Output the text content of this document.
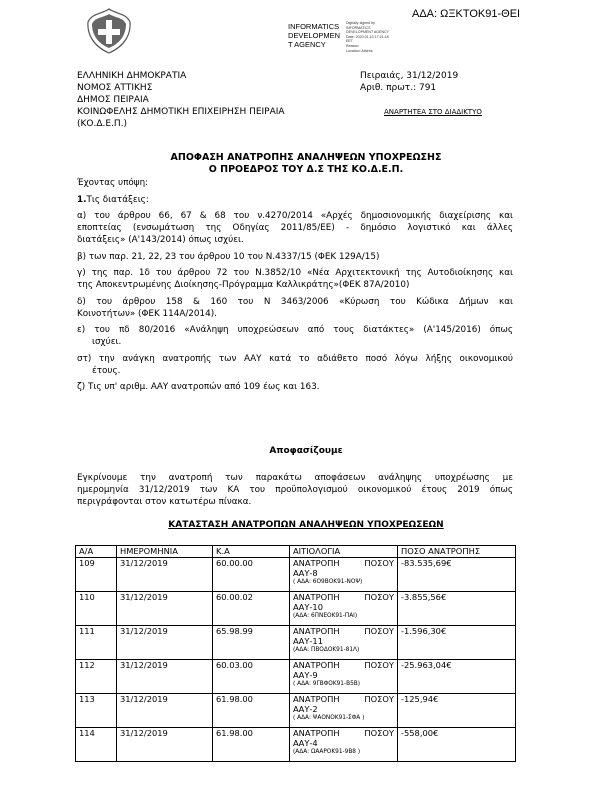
ΑΔΑ: ΩΞΚΤΟΚ91-ΘΕΙ
INFORMATICS
DEVELOPMEN
T AGENCY
Digitally signed by
INFORMATICS
DEVELOPMENT AGENCY
Date: 2020.01.13 17:21:18
EET
Reason:
Location: Athens
ΕΛΛΗΝΙΚΗ ΔΗΜΟΚΡΑΤΙΑ
ΝΟΜΟΣ ΑΤΤΙΚΗΣ
ΔΗΜΟΣ ΠΕΙΡΑΙΑ
ΚΟΙΝΩΦΕΛΗΣ ΔΗΜΟΤΙΚΗ ΕΠΙΧΕΙΡΗΣΗ ΠΕΙΡΑΙΑ
(ΚΟ.Δ.Ε.Π.)
Πειραιάς, 31/12/2019
Αριθ. πρωτ.: 791
ΑΝΑΡΤΗΤΕΑ ΣΤΟ ΔΙΑΔΙΚΤΥΟ
ΑΠΟΦΑΣΗ ΑΝΑΤΡΟΠΗΣ ΑΝΑΛΗΨΕΩΝ ΥΠΟΧΡΕΩΣΗΣ
Ο ΠΡΟΕΔΡΟΣ ΤΟΥ Δ.Σ ΤΗΣ ΚΟ.Δ.Ε.Π.

Έχοντας υπόψη:

1.Τις διατάξεις:

α) του άρθρου 66, 67 & 68 του ν.4270/2014 «Αρχές δημοσιονομικής διαχείρισης και

εποπτείας (ενσωμάτωση της Οδηγίας 2011/85/ΕΕ) - δημόσιο λογιστικό και άλλες

διατάξεις» (Α'143/2014) όπως ισχύει.

β) των παρ. 21, 22, 23 του άρθρου 10 του Ν.4337/15 (ΦΕΚ 129Α/15)

γ) της παρ. 1δ του άρθρου 72 του Ν.3852/10 «Νέα Αρχιτεκτονική της Αυτοδιοίκησης και

της Αποκεντρωμένης Διοίκησης-Πρόγραμμα Καλλικράτης»(ΦΕΚ 87Α/2010)

δ) του άρθρου 158 & 160 του Ν 3463/2006 «Κύρωση του Κώδικα Δήμων και

Κοινοτήτων» (ΦΕΚ 114Α/2014).

ε) του πδ 80/2016 «Ανάληψη υποχρεώσεων από τους διατάκτες» (Α'145/2016) όπως

ισχύει.

στ) την ανάγκη ανατροπής των ΑΑΥ κατά το αδιάθετο ποσό λόγω λήξης οικονομικού

έτους.

ζ) Τις υπ' αριθμ. ΑΑΥ ανατροπών από 109 έως και 163.

Αποφασίζουμε
Εγκρίνουμε την ανατροπή των παρακάτω αποφάσεων ανάληψης υποχρέωσης με
ημερομηνία 31/12/2019 των ΚΑ του προϋπολογισμού οικονομικού έτους 2019 όπως
περιγράφονται στον κατωτέρω πίνακα.
ΚΑΤΑΣΤΑΣΗ ΑΝΑΤΡΟΠΩΝ ΑΝΑΛΗΨΕΩΝ ΥΠΟΧΡΕΩΣΕΩΝ
Α/Α	ΗΜΕΡΟΜΗΝΙΑ	Κ.Α	ΑΙΤΙΟΛΟΓΙΑ	ΠΟΣΟ ΑΝΑΤΡΟΠΗΣ
109	31/12/2019	60.00.00	ΑΝΑΤΡΟΠΗ ΠΟΣΟΥ
ΑΑΥ-8
( ΑΔΑ: 6Ο9ΒΟΚ91-ΝΟΨ)	-83.535,69€
110	31/12/2019	60.00.02	ΑΝΑΤΡΟΠΗ ΠΟΣΟΥ
ΑΑΥ-10
(ΑΔΑ: 6ΠΝΕΟΚ91-ΠΑΙ)	-3.855,56€
111	31/12/2019	65.98.99	ΑΝΑΤΡΟΠΗ ΠΟΣΟΥ
ΑΑΥ-11
(ΑΔΑ: ΠΒΟΔΟΚ91-81Λ)	-1.596,30€
112	31/12/2019	60.03.00	ΑΝΑΤΡΟΠΗ ΠΟΣΟΥ
ΑΑΥ-9
( ΑΔΑ: 9ΓΒΦΟΚ91-Β5Β)	-25.963,04€
113	31/12/2019	61.98.00	ΑΝΑΤΡΟΠΗ ΠΟΣΟΥ
ΑΑΥ-2
( ΑΔΑ: ΨΑΟΝΟΚ91-ΣΦΑ )	-125,94€
114	31/12/2019	61.98.00	ΑΝΑΤΡΟΠΗ ΠΟΣΟΥ
ΑΑΥ-4
(ΑΔΑ: ΩΑΑΡΟΚ91-9Β8 )	-558,00€
